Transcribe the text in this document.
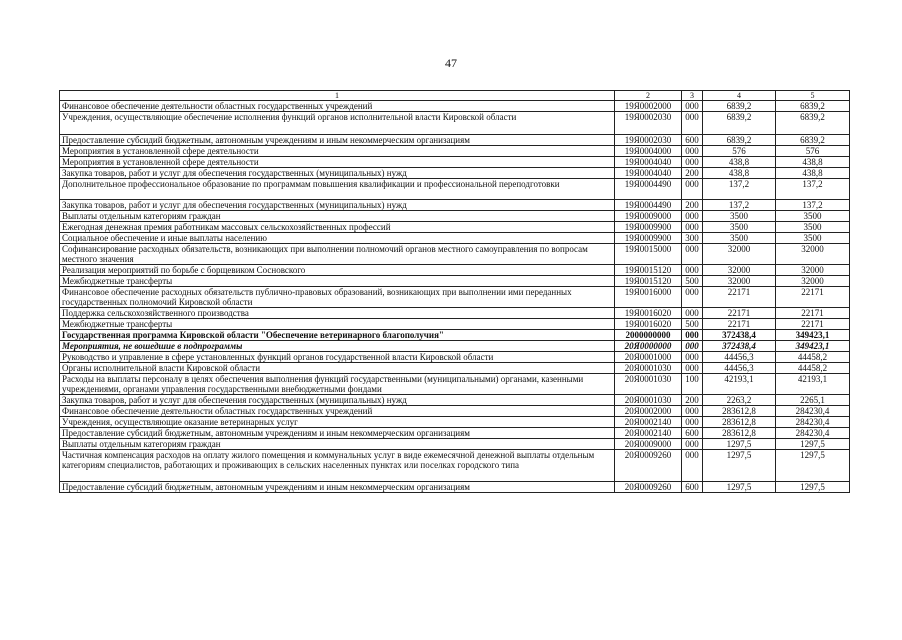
47
1	2	3	4	5
Финансовое обеспечение деятельности областных государственных учреждений	19Я0002000	000	6839,2	6839,2
Учреждения, осуществляющие обеспечение исполнения функций органов исполнительной власти Кировской области	19Я0002030	000	6839,2	6839,2
Предоставление субсидий бюджетным, автономным учреждениям и иным некоммерческим организациям	19Я0002030	600	6839,2	6839,2
Мероприятия в установленной сфере деятельности	19Я0004000	000	576	576
Мероприятия в установленной сфере деятельности	19Я0004040	000	438,8	438,8
Закупка товаров, работ и услуг для обеспечения государственных (муниципальных) нужд	19Я0004040	200	438,8	438,8
Дополнительное профессиональное образование по программам повышения квалификации и профессиональной переподготовки	19Я0004490	000	137,2	137,2
Закупка товаров, работ и услуг для обеспечения государственных (муниципальных) нужд	19Я0004490	200	137,2	137,2
Выплаты отдельным категориям граждан	19Я0009000	000	3500	3500
Ежегодная денежная премия работникам массовых сельскохозяйственных профессий	19Я0009900	000	3500	3500
Социальное обеспечение и иные выплаты населению	19Я0009900	300	3500	3500
Софинансирование расходных обязательств, возникающих при выполнении полномочий органов местного самоуправления по вопросам местного значения	19Я0015000	000	32000	32000
Реализация мероприятий по борьбе с борщевиком Сосновского	19Я0015120	000	32000	32000
Межбюджетные трансферты	19Я0015120	500	32000	32000
Финансовое обеспечение расходных обязательств публично-правовых образований, возникающих при выполнении ими переданных государственных полномочий Кировской области	19Я0016000	000	22171	22171
Поддержка сельскохозяйственного производства	19Я0016020	000	22171	22171
Межбюджетные трансферты	19Я0016020	500	22171	22171
Государственная программа Кировской области "Обеспечение ветеринарного благополучия"	2000000000	000	372438,4	349423,1
Мероприятия, не вошедшие в подпрограммы	20Я0000000	000	372438,4	349423,1
Руководство и управление в сфере установленных функций органов государственной власти Кировской области	20Я0001000	000	44456,3	44458,2
Органы исполнительной власти Кировской области	20Я0001030	000	44456,3	44458,2
Расходы на выплаты персоналу в целях обеспечения выполнения функций государственными (муниципальными) органами, казенными учреждениями, органами управления государственными внебюджетными фондами	20Я0001030	100	42193,1	42193,1
Закупка товаров, работ и услуг для обеспечения государственных (муниципальных) нужд	20Я0001030	200	2263,2	2265,1
Финансовое обеспечение деятельности областных государственных учреждений	20Я0002000	000	283612,8	284230,4
Учреждения, осуществляющие оказание ветеринарных услуг	20Я0002140	000	283612,8	284230,4
Предоставление субсидий бюджетным, автономным учреждениям и иным некоммерческим организациям	20Я0002140	600	283612,8	284230,4
Выплаты отдельным категориям граждан	20Я0009000	000	1297,5	1297,5
Частичная компенсация расходов на оплату жилого помещения и коммунальных услуг в виде ежемесячной денежной выплаты отдельным категориям специалистов, работающих и проживающих в сельских населенных пунктах или поселках городского типа	20Я0009260	000	1297,5	1297,5
Предоставление субсидий бюджетным, автономным учреждениям и иным некоммерческим организациям	20Я0009260	600	1297,5	1297,5
